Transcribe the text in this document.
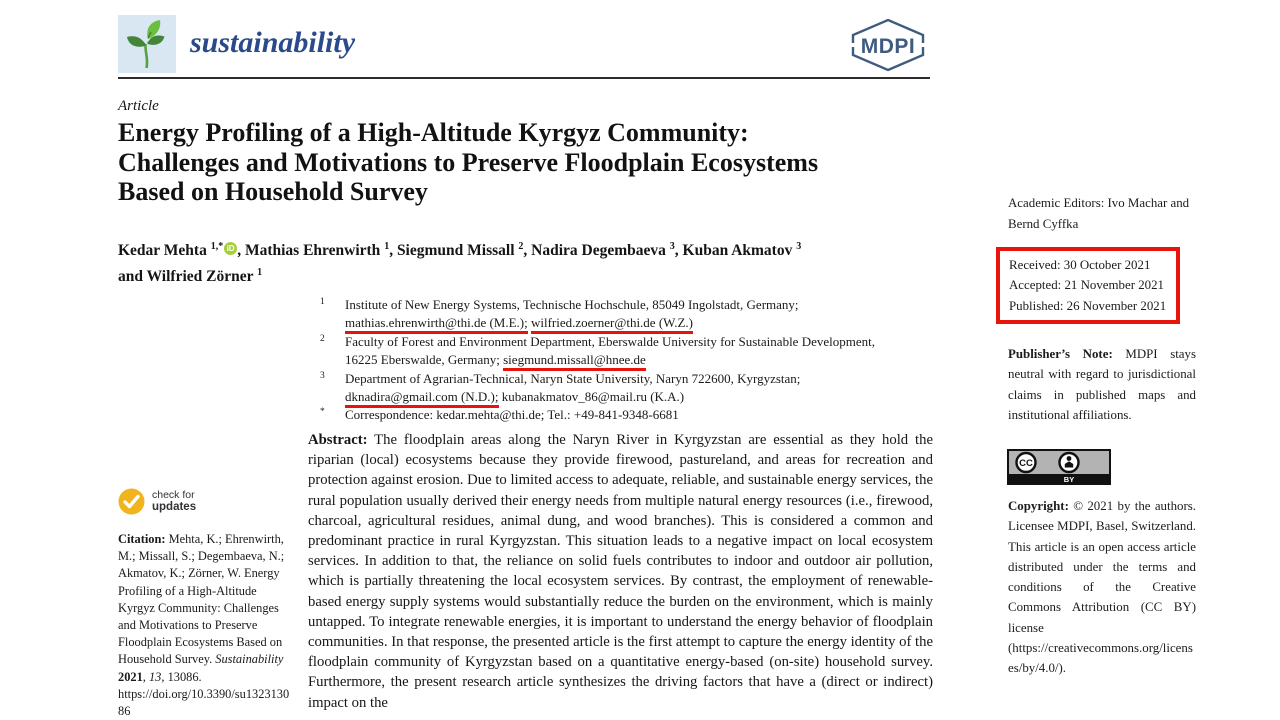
sustainability	MDPI
Article
Energy Profiling of a High-Altitude Kyrgyz Community:
Challenges and Motivations to Preserve Floodplain Ecosystems
Based on Household Survey
Kedar Mehta $^{1,*}$ iD , Mathias Ehrenwirth $^1$, Siegmund Missall $^2$, Nadira Degembaeva $^3$, Kuban Akmatov $^3$
and Wilfried Zörner $^1$
1	Institute of New Energy Systems, Technische Hochschule, 85049 Ingolstadt, Germany;
mathias.ehrenwirth@thi.de (M.E.); wilfried.zoerner@thi.de (W.Z.)
2	Faculty of Forest and Environment Department, Eberswalde University for Sustainable Development,
16225 Eberswalde, Germany; siegmund.missall@hnee.de
3	Department of Agrarian-Technical, Naryn State University, Naryn 722600, Kyrgyzstan;
dknadira@gmail.com (N.D.); kubanakmatov_86@mail.ru (K.A.)
*	Correspondence: kedar.mehta@thi.de; Tel.: +49-841-9348-6681
Abstract: The floodplain areas along the Naryn River in Kyrgyzstan are essential as they hold the riparian (local) ecosystems because they provide firewood, pastureland, and areas for recreation and protection against erosion. Due to limited access to adequate, reliable, and sustainable energy services, the rural population usually derived their energy needs from multiple natural energy resources (i.e., firewood, charcoal, agricultural residues, animal dung, and wood branches). This is considered a common and predominant practice in rural Kyrgyzstan. This situation leads to a negative impact on local ecosystem services. In addition to that, the reliance on solid fuels contributes to indoor and outdoor air pollution, which is partially threatening the local ecosystem services. By contrast, the employment of renewable-based energy supply systems would substantially reduce the burden on the environment, which is mainly untapped. To integrate renewable energies, it is important to understand the energy behavior of floodplain communities. In that response, the presented article is the first attempt to capture the energy identity of the floodplain community of Kyrgyzstan based on a quantitative energy-based (on-site) household survey. Furthermore, the present research article synthesizes the driving factors that have a (direct or indirect) impact on the
check for
updates
Citation: Mehta, K.; Ehrenwirth, M.; Missall, S.; Degembaeva, N.; Akmatov, K.; Zörner, W. Energy Profiling of a High-Altitude Kyrgyz Community: Challenges and Motivations to Preserve Floodplain Ecosystems Based on Household Survey. Sustainability 2021, 13, 13086. https://doi.org/10.3390/su132313086
Academic Editors: Ivo Machar and Bernd Cyffka
Received: 30 October 2021
Accepted: 21 November 2021
Published: 26 November 2021
Publisher’s Note: MDPI stays neutral with regard to jurisdictional claims in published maps and institutional affiliations.
CC
BY
Copyright: © 2021 by the authors. Licensee MDPI, Basel, Switzerland. This article is an open access article distributed under the terms and conditions of the Creative Commons Attribution (CC BY) license (https://creativecommons.org/licenses/by/4.0/).
